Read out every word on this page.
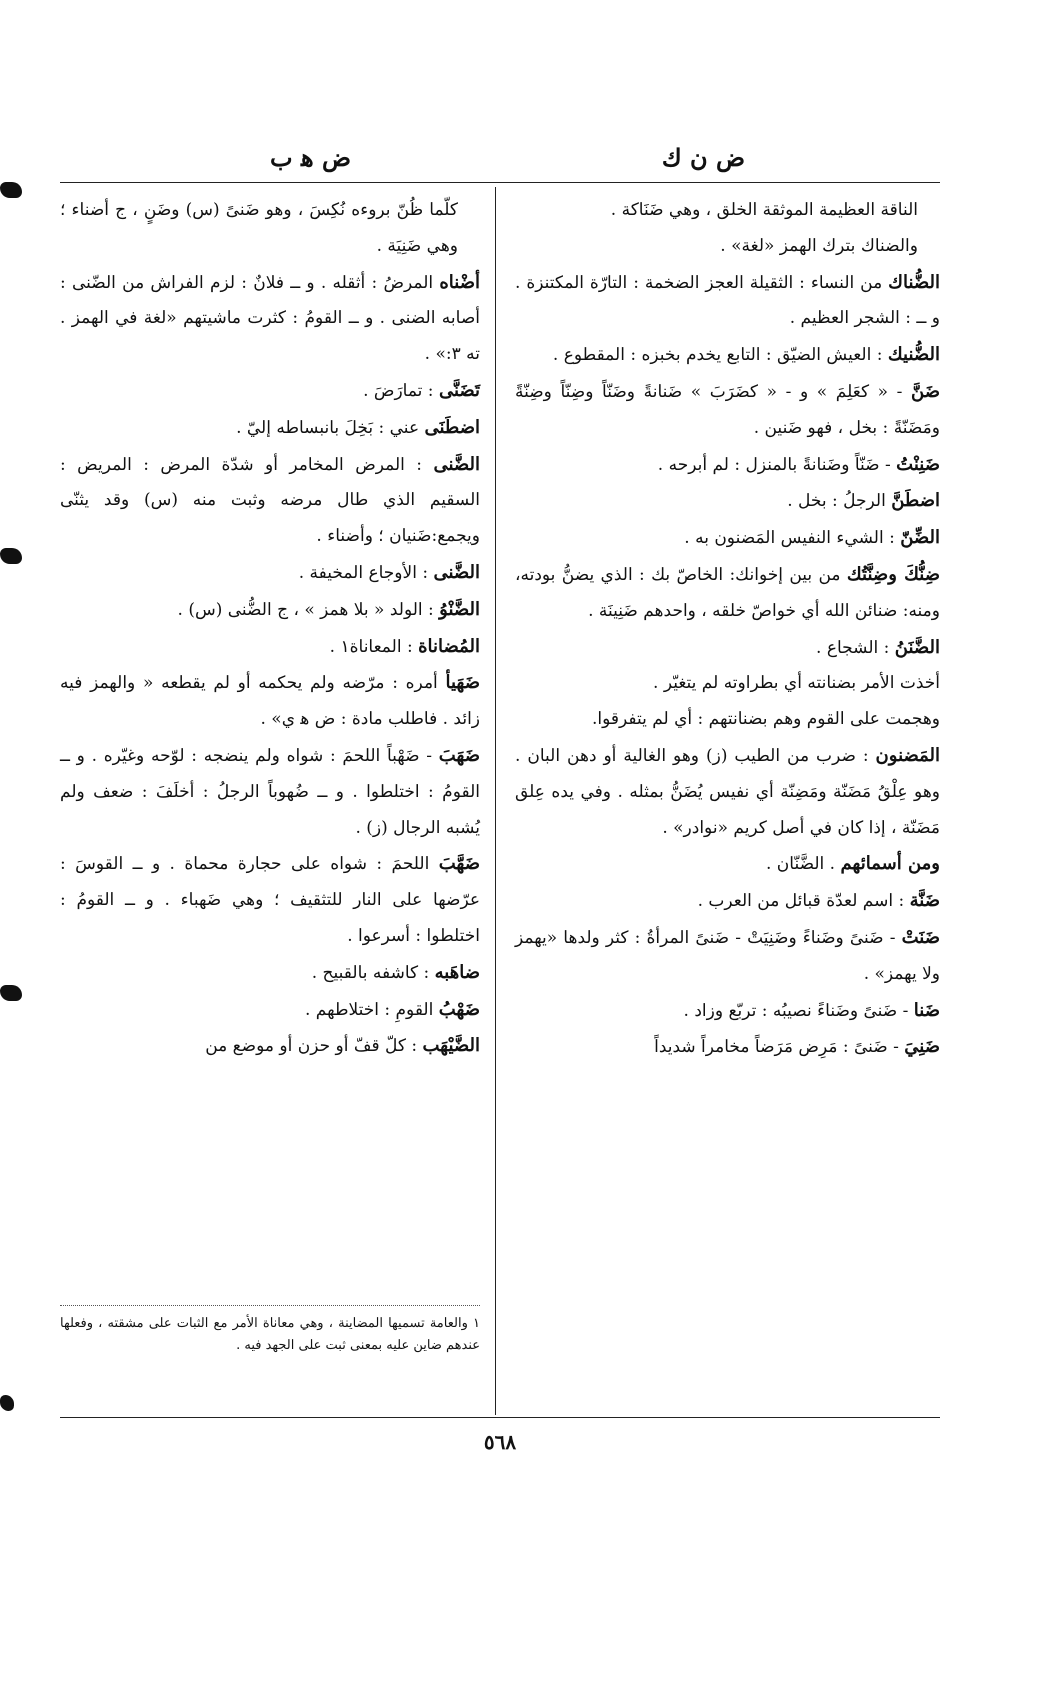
ض ن ك
ض ﻫ ب

الناقة العظيمة الموثقة الخلق ، وهي ضَنَاكة .

والضناك بترك الهمز «لغة» .

الضُّناك من النساء : الثقيلة العجز الضخمة : التارّة المكتنزة . و ــ : الشجر العظيم .

الضُّنيك : العيش الضيّق : التابع يخدم بخبزه : المقطوع .

ضَنَّ - « كعَلِمَ » و - « كضَرَبَ » ضَنانةً وضَنّاً وضِنّاً وضِنّةً ومَضَنّةً : بخل ، فهو ضَنين .

ضَنِنْتُ - ضَنّاً وضَنانةً بالمنزل : لم أبرحه .

اضطَنَّ الرجلُ : بخل .

الضِّنّ : الشيء النفيس المَضنون به .

ضِنُّكَ وضِنَّتُك من بين إخوانك: الخاصّ بك : الذي يضنُّ بودته، ومنه: ضنائن الله أي خواصّ خلقه ، واحدهم ضَنِينَة .

الضَّنَنُ : الشجاع .

أخذت الأمر بضنانته أي بطراوته لم يتغيّر .

وهجمت على القوم وهم بضنانتهم : أي لم يتفرقوا.

المَضنون : ضرب من الطيب (ز) وهو الغالية أو دهن البان . وهو عِلْقُ مَضَنّة ومَضِنّة أي نفيس يُضَنُّ بمثله . وفي يده عِلق مَضَنّة ، إذا كان في أصل كريم «نوادر» .

ومن أسمائهم . الضَّنّان .

ضَنَّة : اسم لعدّة قبائل من العرب .

ضَنَتْ - ضَنىً وضَناءً وضَنِيَتْ - ضَنىً المرأةُ : كثر ولدها «يهمز ولا يهمز» .

ضَنا - ضَنىً وضَناءً نصيبُه : تربّع وزاد .

ضَنِيَ - ضَنىً : مَرِض مَرَضاً مخامراً شديداً

كلّما ظُنّ بروءه نُكِسَ ، وهو ضَنىً (س) وضَنٍ ، ج أضناء ؛ وهي ضَنِيَة .

أضْناه المرضُ : أثقله . و ــ فلانٌ : لزم الفراش من الضّنى : أصابه الضنى . و ــ القومُ : كثرت ماشيتهم «لغة في الهمز . ته ٣:» .

تَضَنَّى : تمارَضَ .

اضطَنَى عني : بَخِلَ بانبساطه إليّ .

الضَّنى : المرض المخامر أو شدّة المرض : المريض : السقيم الذي طال مرضه وثبت منه (س) وقد يثنّى ويجمع:ضَنيان ؛ وأضناء .

الضَّنى : الأوجاع المخيفة .

الضَّنْوُ : الولد « بلا همز » ، ج الضُّنى (س) .

المُضاناة : المعاناة١ .

ضَهَيأ أمره : مرّضه ولم يحكمه أو لم يقطعه « والهمز فيه زائد . فاطلب مادة : ض ﻫ ي» .

ضَهَبَ - ضَهْباً اللحمَ : شواه ولم ينضجه : لوّحه وغيّره . و ــ القومُ : اختلطوا . و ــ ضُهوباً الرجلُ : أخلَفَ : ضعف ولم يُشبه الرجال (ز) .

ضَهَّبَ اللحمَ : شواه على حجارة محماة . و ــ القوسَ : عرّضها على النار للتثقيف ؛ وهي ضَهباء . و ــ القومُ : اختلطوا : أسرعوا .

ضاهَبه : كاشفه بالقبيح .

ضَهْبُ القومِ : اختلاطهم .

الضَّيْهَب : كلّ قفّ أو حزن أو موضع من

١ والعامة تسميها المضاينة ، وهي معاناة الأمر مع الثبات على مشقته ، وفعلها عندهم ضاين عليه بمعنى ثبت على الجهد فيه .
٥٦٨
